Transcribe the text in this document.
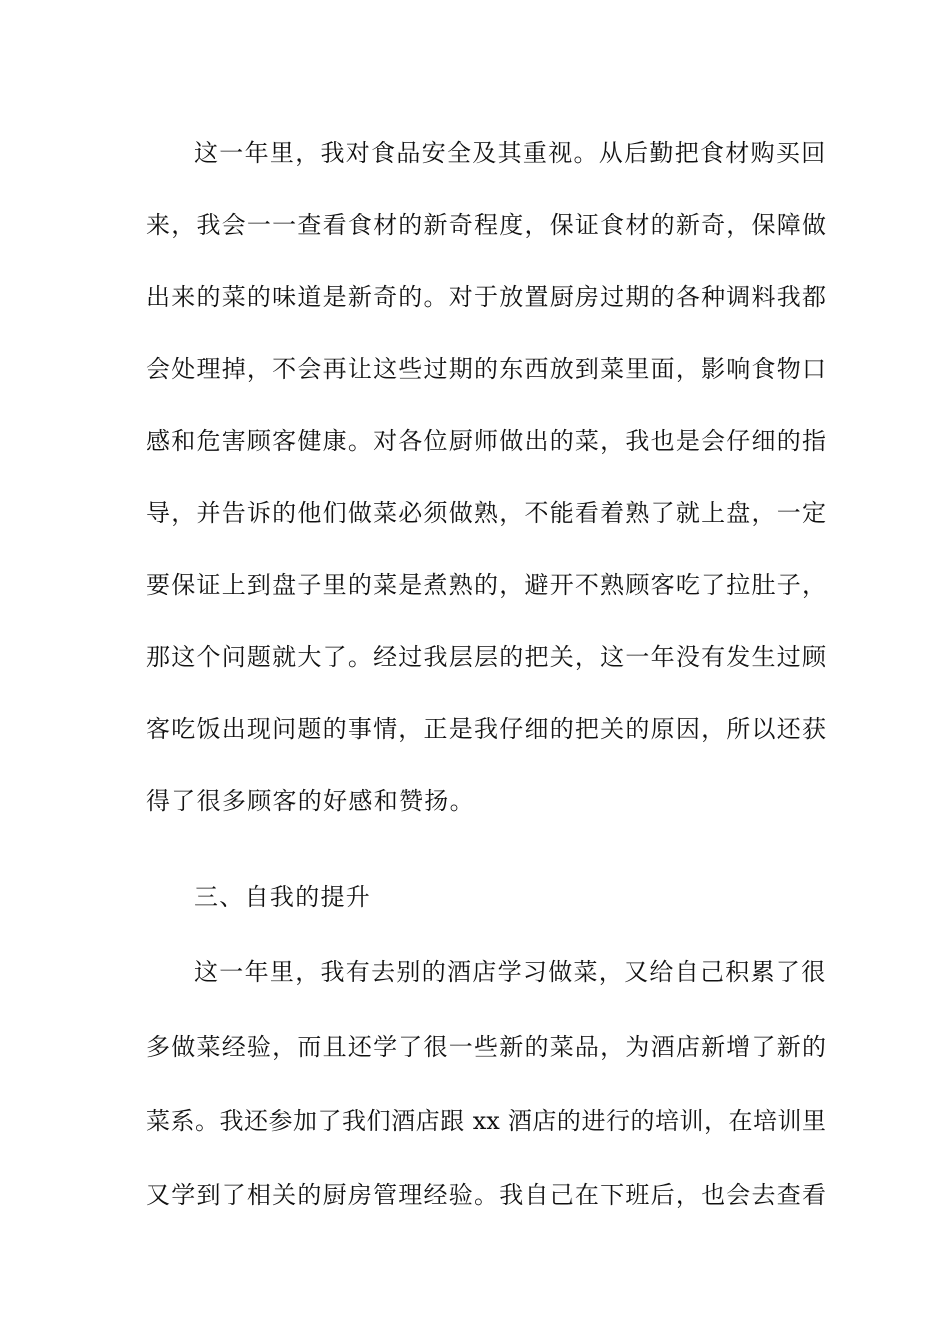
这一年里，我对食品安全及其重视。从后勤把食材购买回
来，我会一一查看食材的新奇程度，保证食材的新奇，保障做
出来的菜的味道是新奇的。对于放置厨房过期的各种调料我都
会处理掉，不会再让这些过期的东西放到菜里面，影响食物口
感和危害顾客健康。对各位厨师做出的菜，我也是会仔细的指
导，并告诉的他们做菜必须做熟，不能看着熟了就上盘，一定
要保证上到盘子里的菜是煮熟的，避开不熟顾客吃了拉肚子，
那这个问题就大了。经过我层层的把关，这一年没有发生过顾
客吃饭出现问题的事情，正是我仔细的把关的原因，所以还获
得了很多顾客的好感和赞扬。
三、自我的提升
这一年里，我有去别的酒店学习做菜，又给自己积累了很
多做菜经验，而且还学了很一些新的菜品，为酒店新增了新的
菜系。我还参加了我们酒店跟 xx 酒店的进行的培训，在培训里
又学到了相关的厨房管理经验。我自己在下班后，也会去查看
